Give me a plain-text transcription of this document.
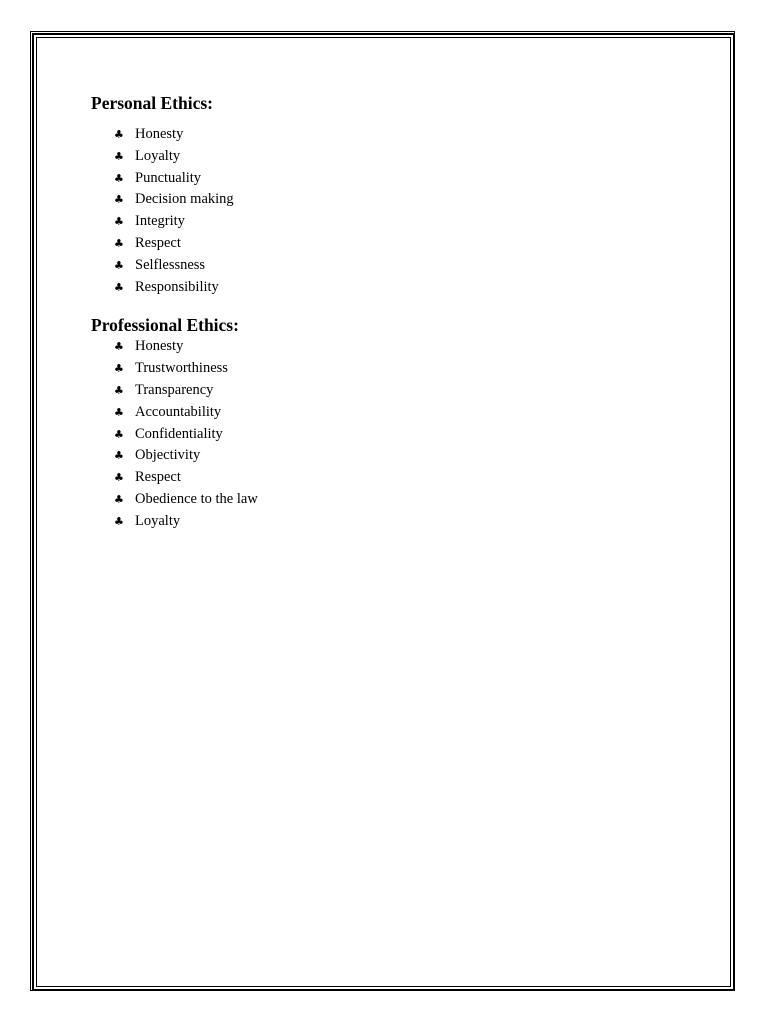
Personal Ethics:
♣ Honesty
♣ Loyalty
♣ Punctuality
♣ Decision making
♣ Integrity
♣ Respect
♣ Selflessness
♣ Responsibility
Professional Ethics:
♣ Honesty
♣ Trustworthiness
♣ Transparency
♣ Accountability
♣ Confidentiality
♣ Objectivity
♣ Respect
♣ Obedience to the law
♣ Loyalty
